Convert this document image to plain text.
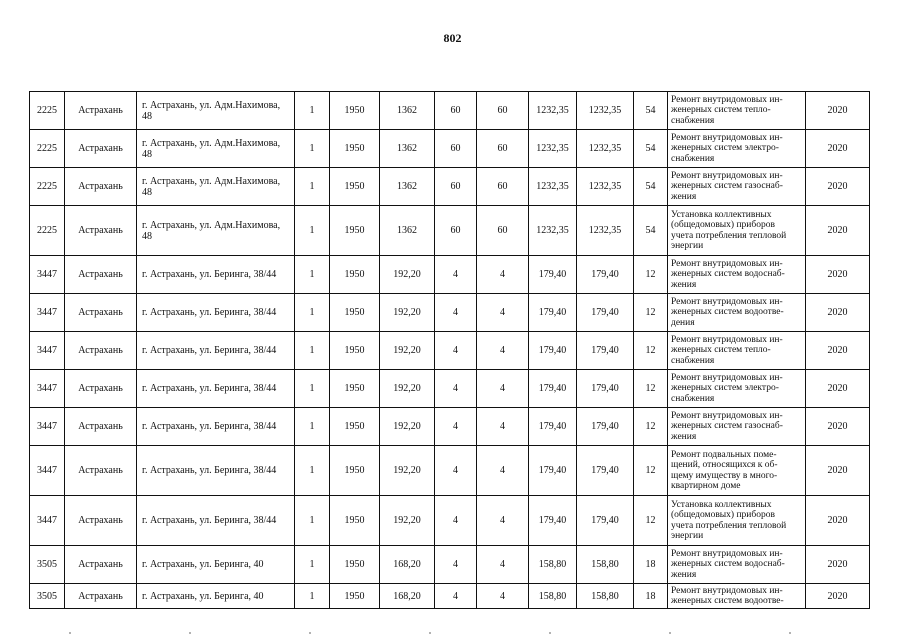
802
2225	Астрахань	г. Астрахань, ул. Адм.Нахимова, 48	1	1950	1362	60	60	1232,35	1232,35	54	Ремонт внутридомовых ин-
женерных систем тепло-
снабжения	2020
2225	Астрахань	г. Астрахань, ул. Адм.Нахимова, 48	1	1950	1362	60	60	1232,35	1232,35	54	Ремонт внутридомовых ин-
женерных систем электро-
снабжения	2020
2225	Астрахань	г. Астрахань, ул. Адм.Нахимова, 48	1	1950	1362	60	60	1232,35	1232,35	54	Ремонт внутридомовых ин-
женерных систем газоснаб-
жения	2020
2225	Астрахань	г. Астрахань, ул. Адм.Нахимова, 48	1	1950	1362	60	60	1232,35	1232,35	54	Установка коллективных
(общедомовых) приборов
учета потребления тепловой
энергии	2020
3447	Астрахань	г. Астрахань, ул. Беринга, 38/44	1	1950	192,20	4	4	179,40	179,40	12	Ремонт внутридомовых ин-
женерных систем водоснаб-
жения	2020
3447	Астрахань	г. Астрахань, ул. Беринга, 38/44	1	1950	192,20	4	4	179,40	179,40	12	Ремонт внутридомовых ин-
женерных систем водоотве-
дения	2020
3447	Астрахань	г. Астрахань, ул. Беринга, 38/44	1	1950	192,20	4	4	179,40	179,40	12	Ремонт внутридомовых ин-
женерных систем тепло-
снабжения	2020
3447	Астрахань	г. Астрахань, ул. Беринга, 38/44	1	1950	192,20	4	4	179,40	179,40	12	Ремонт внутридомовых ин-
женерных систем электро-
снабжения	2020
3447	Астрахань	г. Астрахань, ул. Беринга, 38/44	1	1950	192,20	4	4	179,40	179,40	12	Ремонт внутридомовых ин-
женерных систем газоснаб-
жения	2020
3447	Астрахань	г. Астрахань, ул. Беринга, 38/44	1	1950	192,20	4	4	179,40	179,40	12	Ремонт подвальных поме-
щений, относящихся к об-
щему имуществу в много-
квартирном доме	2020
3447	Астрахань	г. Астрахань, ул. Беринга, 38/44	1	1950	192,20	4	4	179,40	179,40	12	Установка коллективных
(общедомовых) приборов
учета потребления тепловой
энергии	2020
3505	Астрахань	г. Астрахань, ул. Беринга, 40	1	1950	168,20	4	4	158,80	158,80	18	Ремонт внутридомовых ин-
женерных систем водоснаб-
жения	2020
3505	Астрахань	г. Астрахань, ул. Беринга, 40	1	1950	168,20	4	4	158,80	158,80	18	Ремонт внутридомовых ин-
женерных систем водоотве-	2020
